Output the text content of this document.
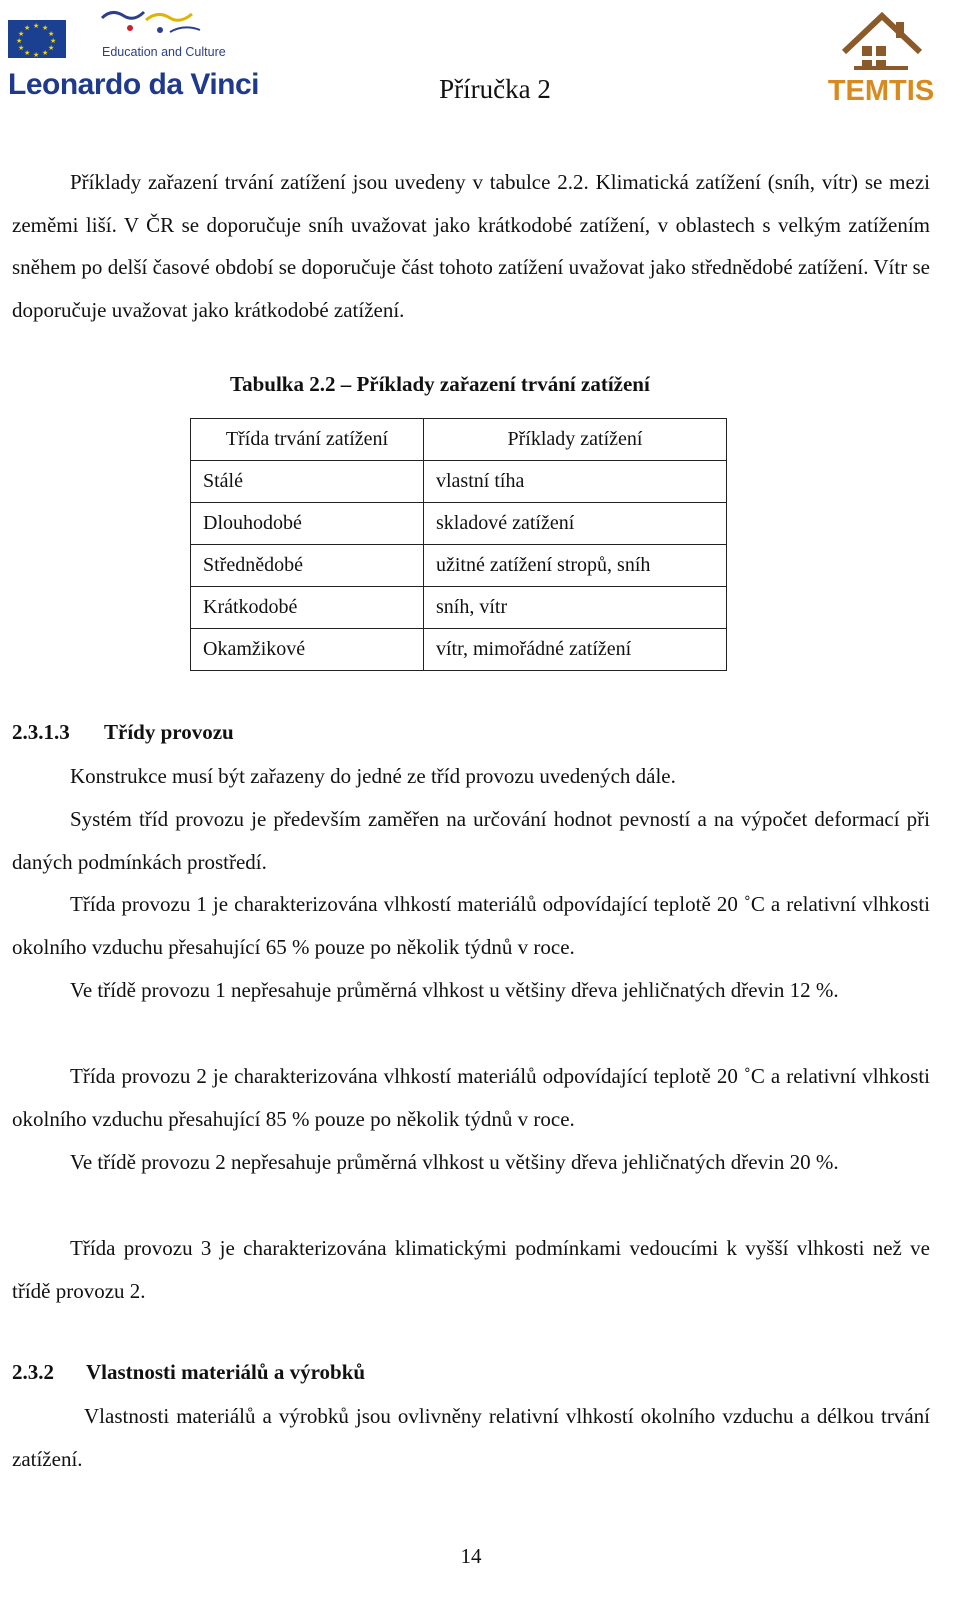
★ ★
★
★
★
★
★
★
★
★
★
★
Education and Culture
Leonardo da Vinci	Příručka 2	TEMTIS
Příklady zařazení trvání zatížení jsou uvedeny v tabulce 2.2. Klimatická zatížení (sníh, vítr) se mezi zeměmi liší. V ČR se doporučuje sníh uvažovat jako krátkodobé zatížení, v oblastech s velkým zatížením sněhem po delší časové období se doporučuje část tohoto zatížení uvažovat jako střednědobé zatížení. Vítr se doporučuje uvažovat jako krátkodobé zatížení.
Tabulka 2.2 – Příklady zařazení trvání zatížení
Třída trvání zatížení	Příklady zatížení
Stálé	vlastní tíha
Dlouhodobé	skladové zatížení
Střednědobé	užitné zatížení stropů, sníh
Krátkodobé	sníh, vítr
Okamžikové	vítr, mimořádné zatížení
2.3.1.3 Třídy provozu
Konstrukce musí být zařazeny do jedné ze tříd provozu uvedených dále.
Systém tříd provozu je především zaměřen na určování hodnot pevností a na výpočet deformací při daných podmínkách prostředí.
Třída provozu 1 je charakterizována vlhkostí materiálů odpovídající teplotě 20 ˚C a relativní vlhkosti okolního vzduchu přesahující 65 % pouze po několik týdnů v roce.
Ve třídě provozu 1 nepřesahuje průměrná vlhkost u většiny dřeva jehličnatých dřevin 12 %.
Třída provozu 2 je charakterizována vlhkostí materiálů odpovídající teplotě 20 ˚C a relativní vlhkosti okolního vzduchu přesahující 85 % pouze po několik týdnů v roce.
Ve třídě provozu 2 nepřesahuje průměrná vlhkost u většiny dřeva jehličnatých dřevin 20 %.
Třída provozu 3 je charakterizována klimatickými podmínkami vedoucími k vyšší vlhkosti než ve třídě provozu 2.
2.3.2 Vlastnosti materiálů a výrobků
Vlastnosti materiálů a výrobků jsou ovlivněny relativní vlhkostí okolního vzduchu a délkou trvání zatížení.
14
